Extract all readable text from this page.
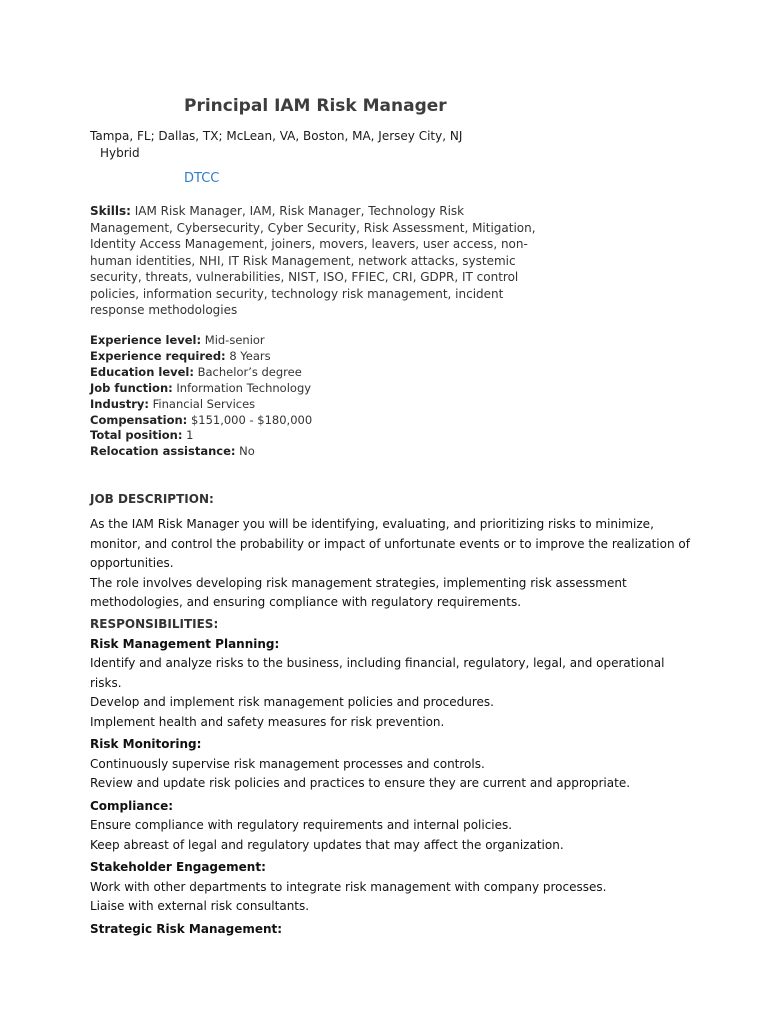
Principal IAM Risk Manager
Tampa, FL; Dallas, TX; McLean, VA, Boston, MA, Jersey City, NJ
Hybrid
DTCC
Skills: IAM Risk Manager, IAM, Risk Manager, Technology Risk Management, Cybersecurity, Cyber Security, Risk Assessment, Mitigation, Identity Access Management, joiners, movers, leavers, user access, non-human identities, NHI, IT Risk Management, network attacks, systemic security, threats, vulnerabilities, NIST, ISO, FFIEC, CRI, GDPR, IT control policies, information security, technology risk management, incident response methodologies
Experience level: Mid-senior
Experience required: 8 Years
Education level: Bachelor’s degree
Job function: Information Technology
Industry: Financial Services
Compensation: $151,000 - $180,000
Total position: 1
Relocation assistance: No
JOB DESCRIPTION:

As the IAM Risk Manager you will be identifying, evaluating, and prioritizing risks to minimize, monitor, and control the probability or impact of unfortunate events or to improve the realization of opportunities.

The role involves developing risk management strategies, implementing risk assessment methodologies, and ensuring compliance with regulatory requirements.

RESPONSIBILITIES:
Risk Management Planning:
Identify and analyze risks to the business, including financial, regulatory, legal, and operational risks.
Develop and implement risk management policies and procedures.
Implement health and safety measures for risk prevention.
Risk Monitoring:
Continuously supervise risk management processes and controls.
Review and update risk policies and practices to ensure they are current and appropriate.
Compliance:
Ensure compliance with regulatory requirements and internal policies.
Keep abreast of legal and regulatory updates that may affect the organization.
Stakeholder Engagement:
Work with other departments to integrate risk management with company processes.
Liaise with external risk consultants.
Strategic Risk Management:
